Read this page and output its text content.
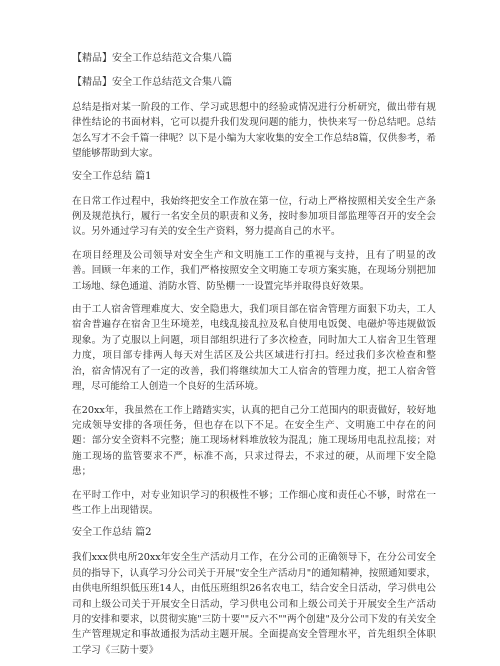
【精品】安全工作总结范文合集八篇
【精品】安全工作总结范文合集八篇

总结是指对某一阶段的工作、学习或思想中的经验或情况进行分析研究，做出带有规律性结论的书面材料，它可以提升我们发现问题的能力，快快来写一份总结吧。总结怎么写才不会千篇一律呢？以下是小编为大家收集的安全工作总结8篇，仅供参考，希望能够帮助到大家。

安全工作总结 篇1

在日常工作过程中，我始终把安全工作放在第一位，行动上严格按照相关安全生产条例及规范执行，履行一名安全员的职责和义务，按时参加项目部监理等召开的安全会议。另外通过学习有关的安全生产资料，努力提高自己的水平。

在项目经理及公司领导对安全生产和文明施工工作的重视与支持，且有了明显的改善。回顾一年来的工作，我们严格按照安全文明施工专项方案实施，在现场分别把加工场地、绿色通道、消防水管、防坠棚一一设置完毕并取得良好效果。

由于工人宿舍管理难度大、安全隐患大，我们项目部在宿舍管理方面狠下功夫，工人宿舍普遍存在宿舍卫生环境差，电线乱接乱拉及私自使用电饭煲、电磁炉等违规做饭现象。为了克服以上问题，项目部组织进行了多次检查，同时加大工人宿舍卫生管理力度，项目部专排两人每天对生活区及公共区域进行打扫。经过我们多次检查和整治，宿舍情况有了一定的改善，我们将继续加大工人宿舍的管理力度，把工人宿舍管理，尽可能给工人创造一个良好的生活环境。

在20xx年，我虽然在工作上踏踏实实，认真的把自己分工范围内的职责做好，较好地完成领导安排的各项任务，但也存在以下不足。在安全生产、文明施工中存在的问题：部分安全资料不完整；施工现场材料堆放较为混乱；施工现场用电乱拉乱接；对施工现场的监管要求不严，标准不高，只求过得去，不求过的硬，从而埋下安全隐患；

在平时工作中，对专业知识学习的积极性不够；工作细心度和责任心不够，时常在一些工作上出现错误。

安全工作总结 篇2

我们xxx供电所20xx年安全生产活动月工作，在分公司的正确领导下，在分公司安全员的指导下，认真学习分公司关于开展"安全生产活动月"的通知精神，按照通知要求，由供电所组织低压班14人，由低压班组织26名农电工，结合安全日活动，学习供电公司和上级公司关于开展安全日活动，学习供电公司和上级公司关于开展安全生产活动月的安排和要求，以贯彻实施"三防十要""反六不""两个创建"及分公司下发的有关安全生产管理规定和事故通报为活动主题开展。全面提高安全管理水平，首先组织全体职工学习《三防十要》
